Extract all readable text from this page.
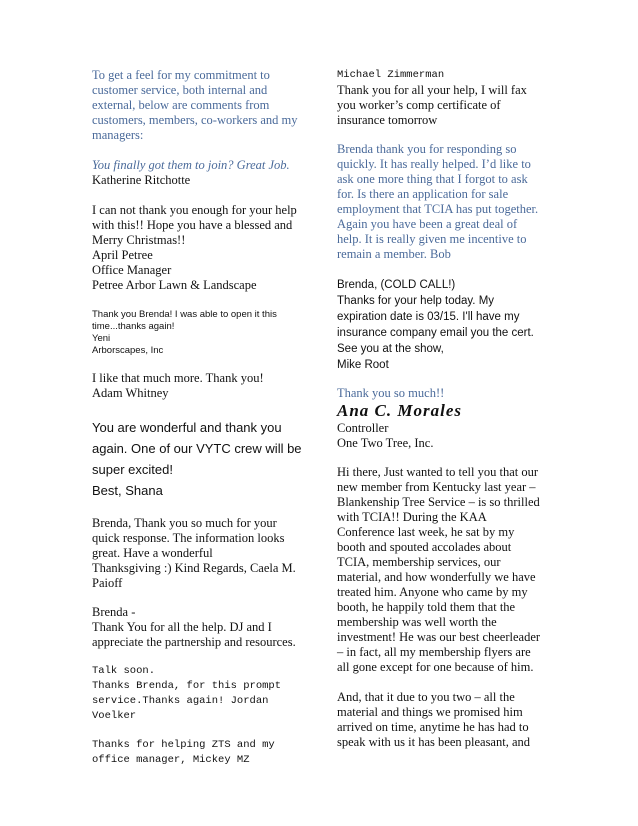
To get a feel for my commitment to
customer service, both internal and
external, below are comments from
customers, members, co-workers and my
managers:
You finally got them to join? Great Job.
Katherine Ritchotte
I can not thank you enough for your help
with this!! Hope you have a blessed and
Merry Christmas!!
April Petree
Office Manager
Petree Arbor Lawn & Landscape
Thank you Brenda! I was able to open it this
time...thanks again!
Yeni
Arborscapes, Inc
I like that much more. Thank you!
Adam Whitney
You are wonderful and thank you
again. One of our VYTC crew will be
super excited!
Best, Shana
Brenda, Thank you so much for your
quick response. The information looks
great. Have a wonderful
Thanksgiving :) Kind Regards, Caela M.
Paioff
Brenda -
Thank You for all the help. DJ and I
appreciate the partnership and resources.
Talk soon.
Thanks Brenda, for this prompt
service.Thanks again! Jordan
Voelker
Thanks for helping ZTS and my
office manager, Mickey MZ
Michael Zimmerman
Thank you for all your help, I will fax
you worker’s comp certificate of
insurance tomorrow
Brenda thank you for responding so
quickly. It has really helped. I’d like to
ask one more thing that I forgot to ask
for. Is there an application for sale
employment that TCIA has put together.
Again you have been a great deal of
help. It is really given me incentive to
remain a member. Bob
Brenda, (COLD CALL!)
Thanks for your help today. My
expiration date is 03/15. I'll have my
insurance company email you the cert.
See you at the show,
Mike Root
Thank you so much!!
Ana C. Morales
Controller
One Two Tree, Inc.
Hi there, Just wanted to tell you that our
new member from Kentucky last year –
Blankenship Tree Service – is so thrilled
with TCIA!! During the KAA
Conference last week, he sat by my
booth and spouted accolades about
TCIA, membership services, our
material, and how wonderfully we have
treated him. Anyone who came by my
booth, he happily told them that the
membership was well worth the
investment! He was our best cheerleader
– in fact, all my membership flyers are
all gone except for one because of him.
And, that it due to you two – all the
material and things we promised him
arrived on time, anytime he has had to
speak with us it has been pleasant, and
